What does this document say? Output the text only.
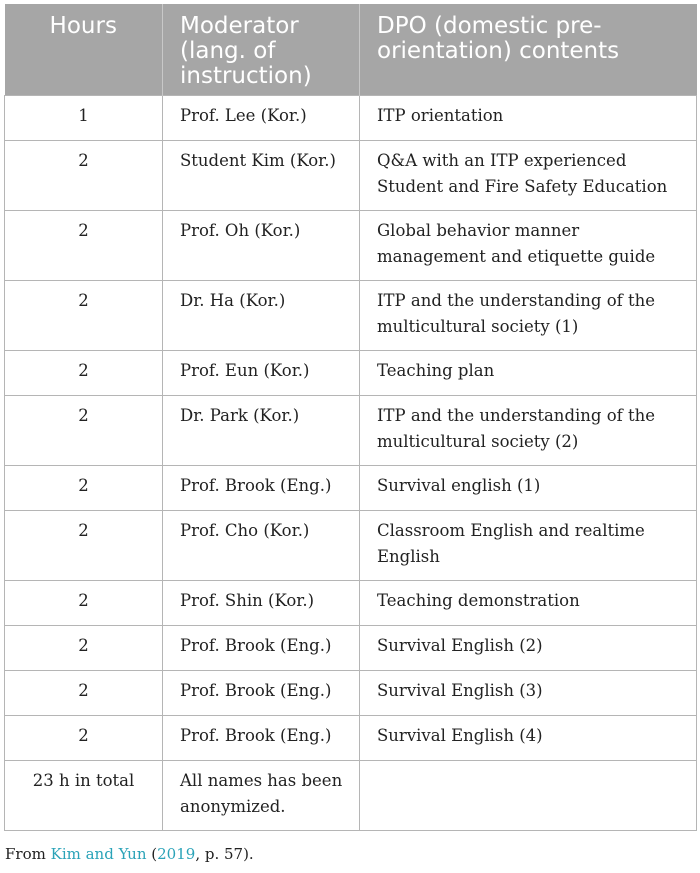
Hours	Moderator (lang. of instruction)	DPO (domestic pre-orientation) contents
1	Prof. Lee (Kor.)	ITP orientation
2	Student Kim (Kor.)	Q&A with an ITP experienced Student and Fire Safety Education
2	Prof. Oh (Kor.)	Global behavior manner management and etiquette guide
2	Dr. Ha (Kor.)	ITP and the understanding of the multicultural society (1)
2	Prof. Eun (Kor.)	Teaching plan
2	Dr. Park (Kor.)	ITP and the understanding of the multicultural society (2)
2	Prof. Brook (Eng.)	Survival english (1)
2	Prof. Cho (Kor.)	Classroom English and realtime English
2	Prof. Shin (Kor.)	Teaching demonstration
2	Prof. Brook (Eng.)	Survival English (2)
2	Prof. Brook (Eng.)	Survival English (3)
2	Prof. Brook (Eng.)	Survival English (4)
23 h in total	All names has been anonymized.	
From Kim and Yun (2019, p. 57).
